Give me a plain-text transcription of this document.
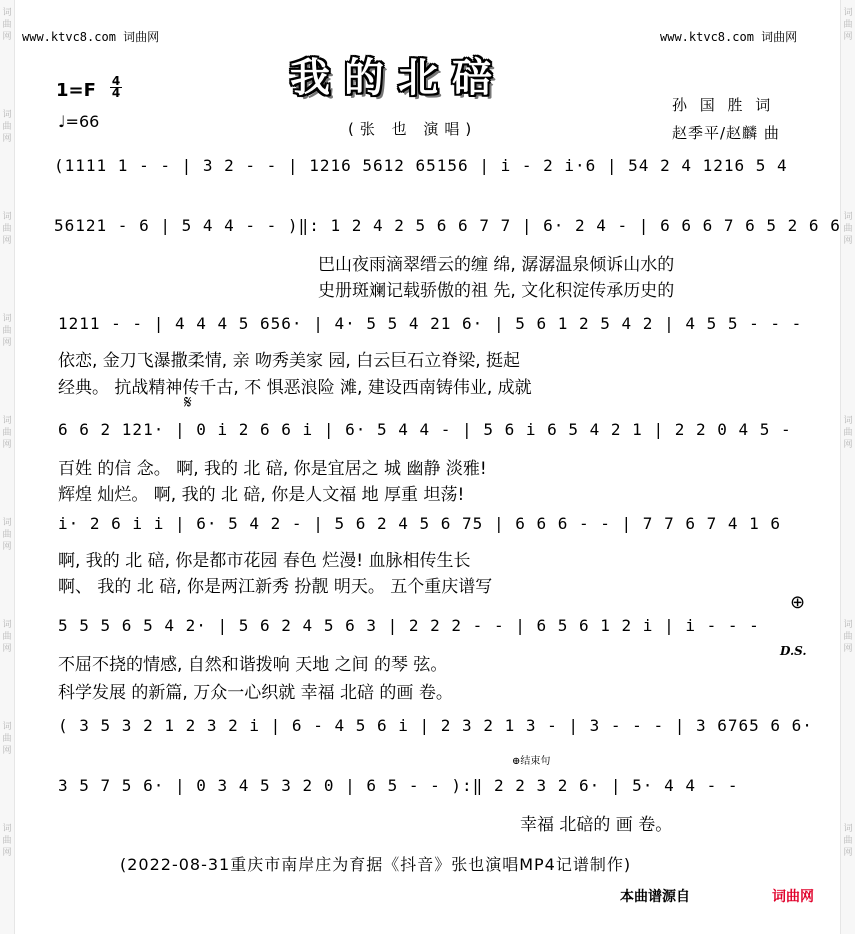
词
曲
网
词
曲
网
词
曲
网
词
曲
网
词
曲
网
词
曲
网
词
曲
网
词
曲
网
词
曲
网
词
曲
网
词
曲
网
词
曲
网
词
曲
网
词
曲
网
www.ktvc8.com 词曲网	www.ktvc8.com 词曲网
我的北碚
$1=F \frac{4}{4}$
♩=66	(张 也 演唱)
孙 国 胜 词
赵季平/赵麟 曲
(1111 1 - - | 3 2 - - | 1216 5612 65156 | i - 2 i·6 | 54 2 4 1216 5 4
56121 - 6 | 5 4 4 - - )‖: 1 2 4 2 5 6 6 7 7 | 6· 2 4 - | 6 6 6 7 6 5 2 6 6
巴山夜雨滴翠缙云的缠 绵, 潺潺温泉倾诉山水的
史册斑斓记载骄傲的祖 先, 文化积淀传承历史的
1211 - - | 4 4 4 5 656· | 4· 5 5 4 21 6· | 5 6 1 2 5 4 2 | 4 5 5 - - -
依恋, 金刀飞瀑撒柔情, 亲 吻秀美家 园, 白云巨石立脊梁, 挺起
经典。 抗战精神传千古, 不 惧恶浪险 滩, 建设西南铸伟业, 成就
𝄋
6 6 2 121· | 0 i 2 6 6 i | 6· 5 4 4 - | 5 6 i 6 5 4 2 1 | 2 2 0 4 5 -
百姓 的信 念。 啊, 我的 北 碚, 你是宜居之 城 幽静 淡雅!
辉煌 灿烂。 啊, 我的 北 碚, 你是人文福 地 厚重 坦荡!
i· 2 6 i i | 6· 5 4 2 - | 5 6 2 4 5 6 75 | 6 6 6 - - | 7 7 6 7 4 1 6
啊, 我的 北 碚, 你是都市花园 春色 烂漫! 血脉相传生长
啊、 我的 北 碚, 你是两江新秀 扮靓 明天。 五个重庆谱写
⊕
5 5 5 6 5 4 2· | 5 6 2 4 5 6 3 | 2 2 2 - - | 6 5 6 1 2 i | i - - -
D.S.
不屈不挠的情感, 自然和谐拨响 天地 之间 的琴 弦。
科学发展 的新篇, 万众一心织就 幸福 北碚 的画 卷。
( 3 5 3 2 1 2 3 2 i | 6 - 4 5 6 i | 2 3 2 1 3 - | 3 - - - | 3 6765 6 6·
⊕结束句
3 5 7 5 6· | 0 3 4 5 3 2 0 | 6 5 - - ):‖ 2 2 3 2 6· | 5· 4 4 - -
幸福 北碚的 画 卷。
(2022-08-31重庆市南岸庄为育据《抖音》张也演唱MP4记谱制作)
本曲谱源自	词曲网
